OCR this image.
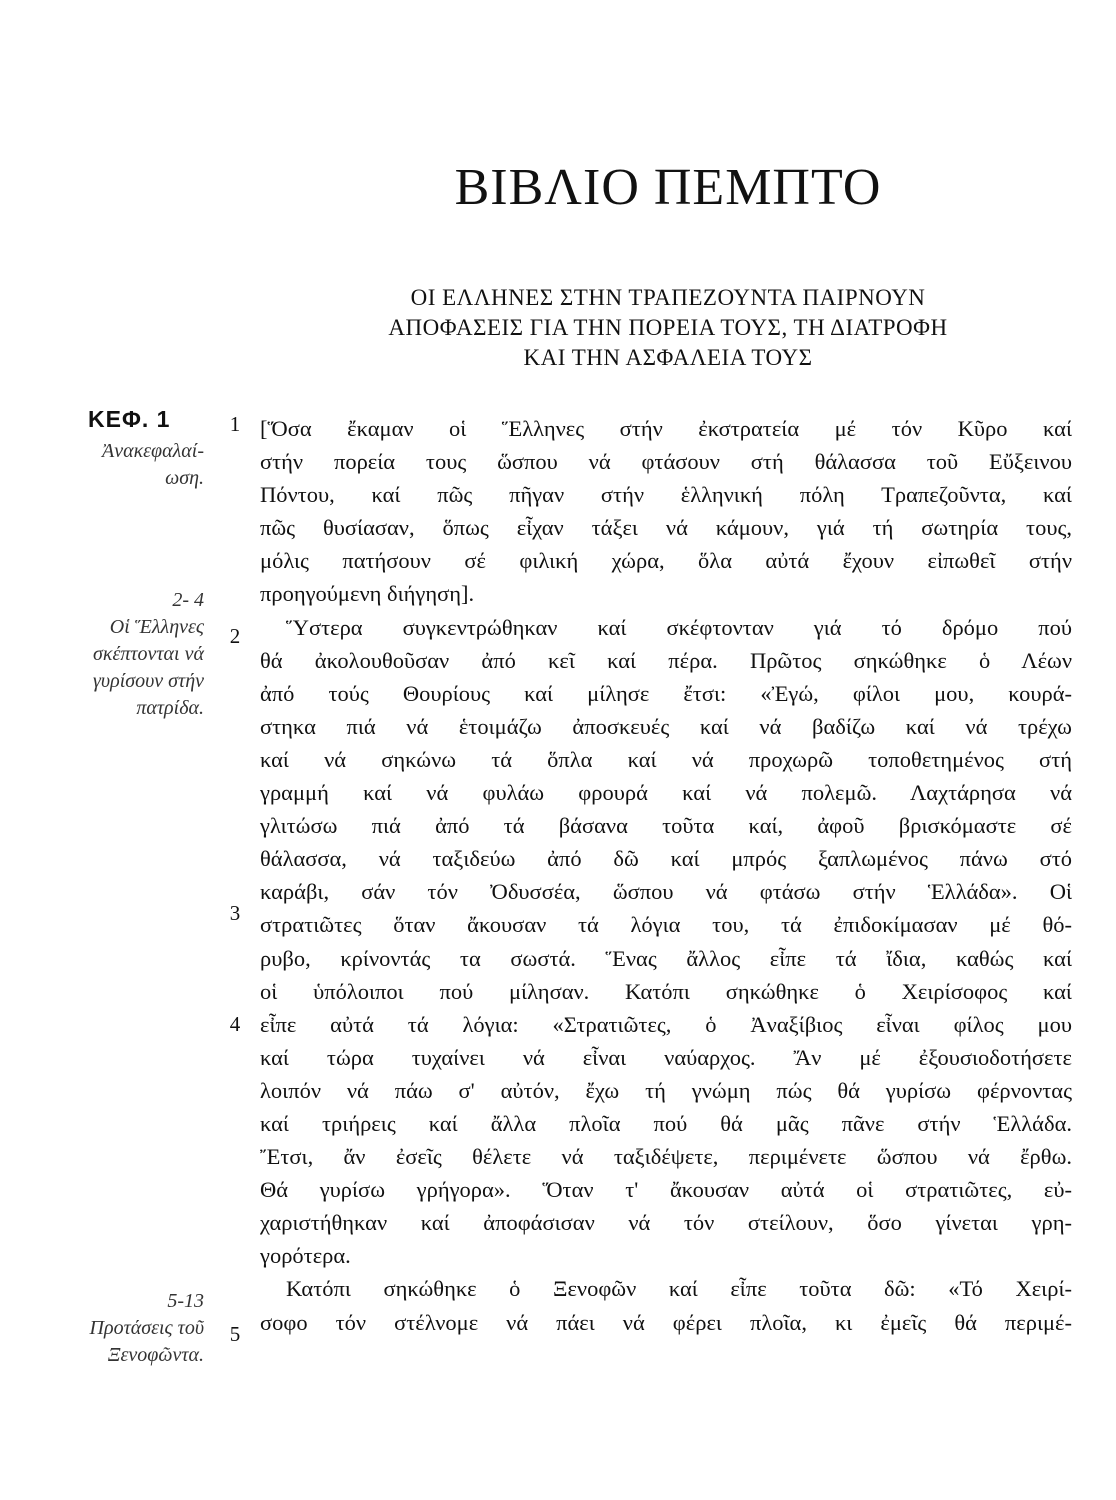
ΒΙΒΛΙΟ ΠΕΜΠΤΟ
ΟΙ ΕΛΛΗΝΕΣ ΣΤΗΝ ΤΡΑΠΕΖΟΥΝΤΑ ΠΑΙΡΝΟΥΝ
ΑΠΟΦΑΣΕΙΣ ΓΙΑ ΤΗΝ ΠΟΡΕΙΑ ΤΟΥΣ, ΤΗ ΔΙΑΤΡΟΦΗ
ΚΑΙ ΤΗΝ ΑΣΦΑΛΕΙΑ ΤΟΥΣ
ΚΕΦ. 1
Ἀνακεφαλαί-
ωση.
2- 4
Οἱ Ἕλληνες
σκέπτονται νά
γυρίσουν στήν
πατρίδα.
5-13
Προτάσεις τοῦ
Ξενοφῶντα.
1
2
3
4
5
[Ὅσα ἔκαμαν οἱ Ἕλληνες στήν ἐκστρατεία μέ τόν Κῦρο καί
στήν πορεία τους ὥσπου νά φτάσουν στή θάλασσα τοῦ Εὔξεινου
Πόντου, καί πῶς πῆγαν στήν ἑλληνική πόλη Τραπεζοῦντα, καί
πῶς θυσίασαν, ὅπως εἶχαν τάξει νά κάμουν, γιά τή σωτηρία τους,
μόλις πατήσουν σέ φιλική χώρα, ὅλα αὐτά ἔχουν εἰπωθεῖ στήν
προηγούμενη διήγηση].
Ὕστερα συγκεντρώθηκαν καί σκέφτονταν γιά τό δρόμο πού
θά ἀκολουθοῦσαν ἀπό κεῖ καί πέρα. Πρῶτος σηκώθηκε ὁ Λέων
ἀπό τούς Θουρίους καί μίλησε ἔτσι: «Ἐγώ, φίλοι μου, κουρά-
στηκα πιά νά ἑτοιμάζω ἀποσκευές καί νά βαδίζω καί νά τρέχω
καί νά σηκώνω τά ὅπλα καί νά προχωρῶ τοποθετημένος στή
γραμμή καί νά φυλάω φρουρά καί νά πολεμῶ. Λαχτάρησα νά
γλιτώσω πιά ἀπό τά βάσανα τοῦτα καί, ἀφοῦ βρισκόμαστε σέ
θάλασσα, νά ταξιδεύω ἀπό δῶ καί μπρός ξαπλωμένος πάνω στό
καράβι, σάν τόν Ὀδυσσέα, ὥσπου νά φτάσω στήν Ἑλλάδα». Οἱ
στρατιῶτες ὅταν ἄκουσαν τά λόγια του, τά ἐπιδοκίμασαν μέ θό-
ρυβο, κρίνοντάς τα σωστά. Ἕνας ἄλλος εἶπε τά ἴδια, καθώς καί
οἱ ὑπόλοιποι πού μίλησαν. Κατόπι σηκώθηκε ὁ Χειρίσοφος καί
εἶπε αὐτά τά λόγια: «Στρατιῶτες, ὁ Ἀναξίβιος εἶναι φίλος μου
καί τώρα τυχαίνει νά εἶναι ναύαρχος. Ἄν μέ ἐξουσιοδοτήσετε
λοιπόν νά πάω σ' αὐτόν, ἔχω τή γνώμη πώς θά γυρίσω φέρνοντας
καί τριήρεις καί ἄλλα πλοῖα πού θά μᾶς πᾶνε στήν Ἑλλάδα.
Ἔτσι, ἄν ἐσεῖς θέλετε νά ταξιδέψετε, περιμένετε ὥσπου νά ἔρθω.
Θά γυρίσω γρήγορα». Ὅταν τ' ἄκουσαν αὐτά οἱ στρατιῶτες, εὐ-
χαριστήθηκαν καί ἀποφάσισαν νά τόν στείλουν, ὅσο γίνεται γρη-
γορότερα.
Κατόπι σηκώθηκε ὁ Ξενοφῶν καί εἶπε τοῦτα δῶ: «Τό Χειρί-
σοφο τόν στέλνομε νά πάει νά φέρει πλοῖα, κι ἐμεῖς θά περιμέ-
